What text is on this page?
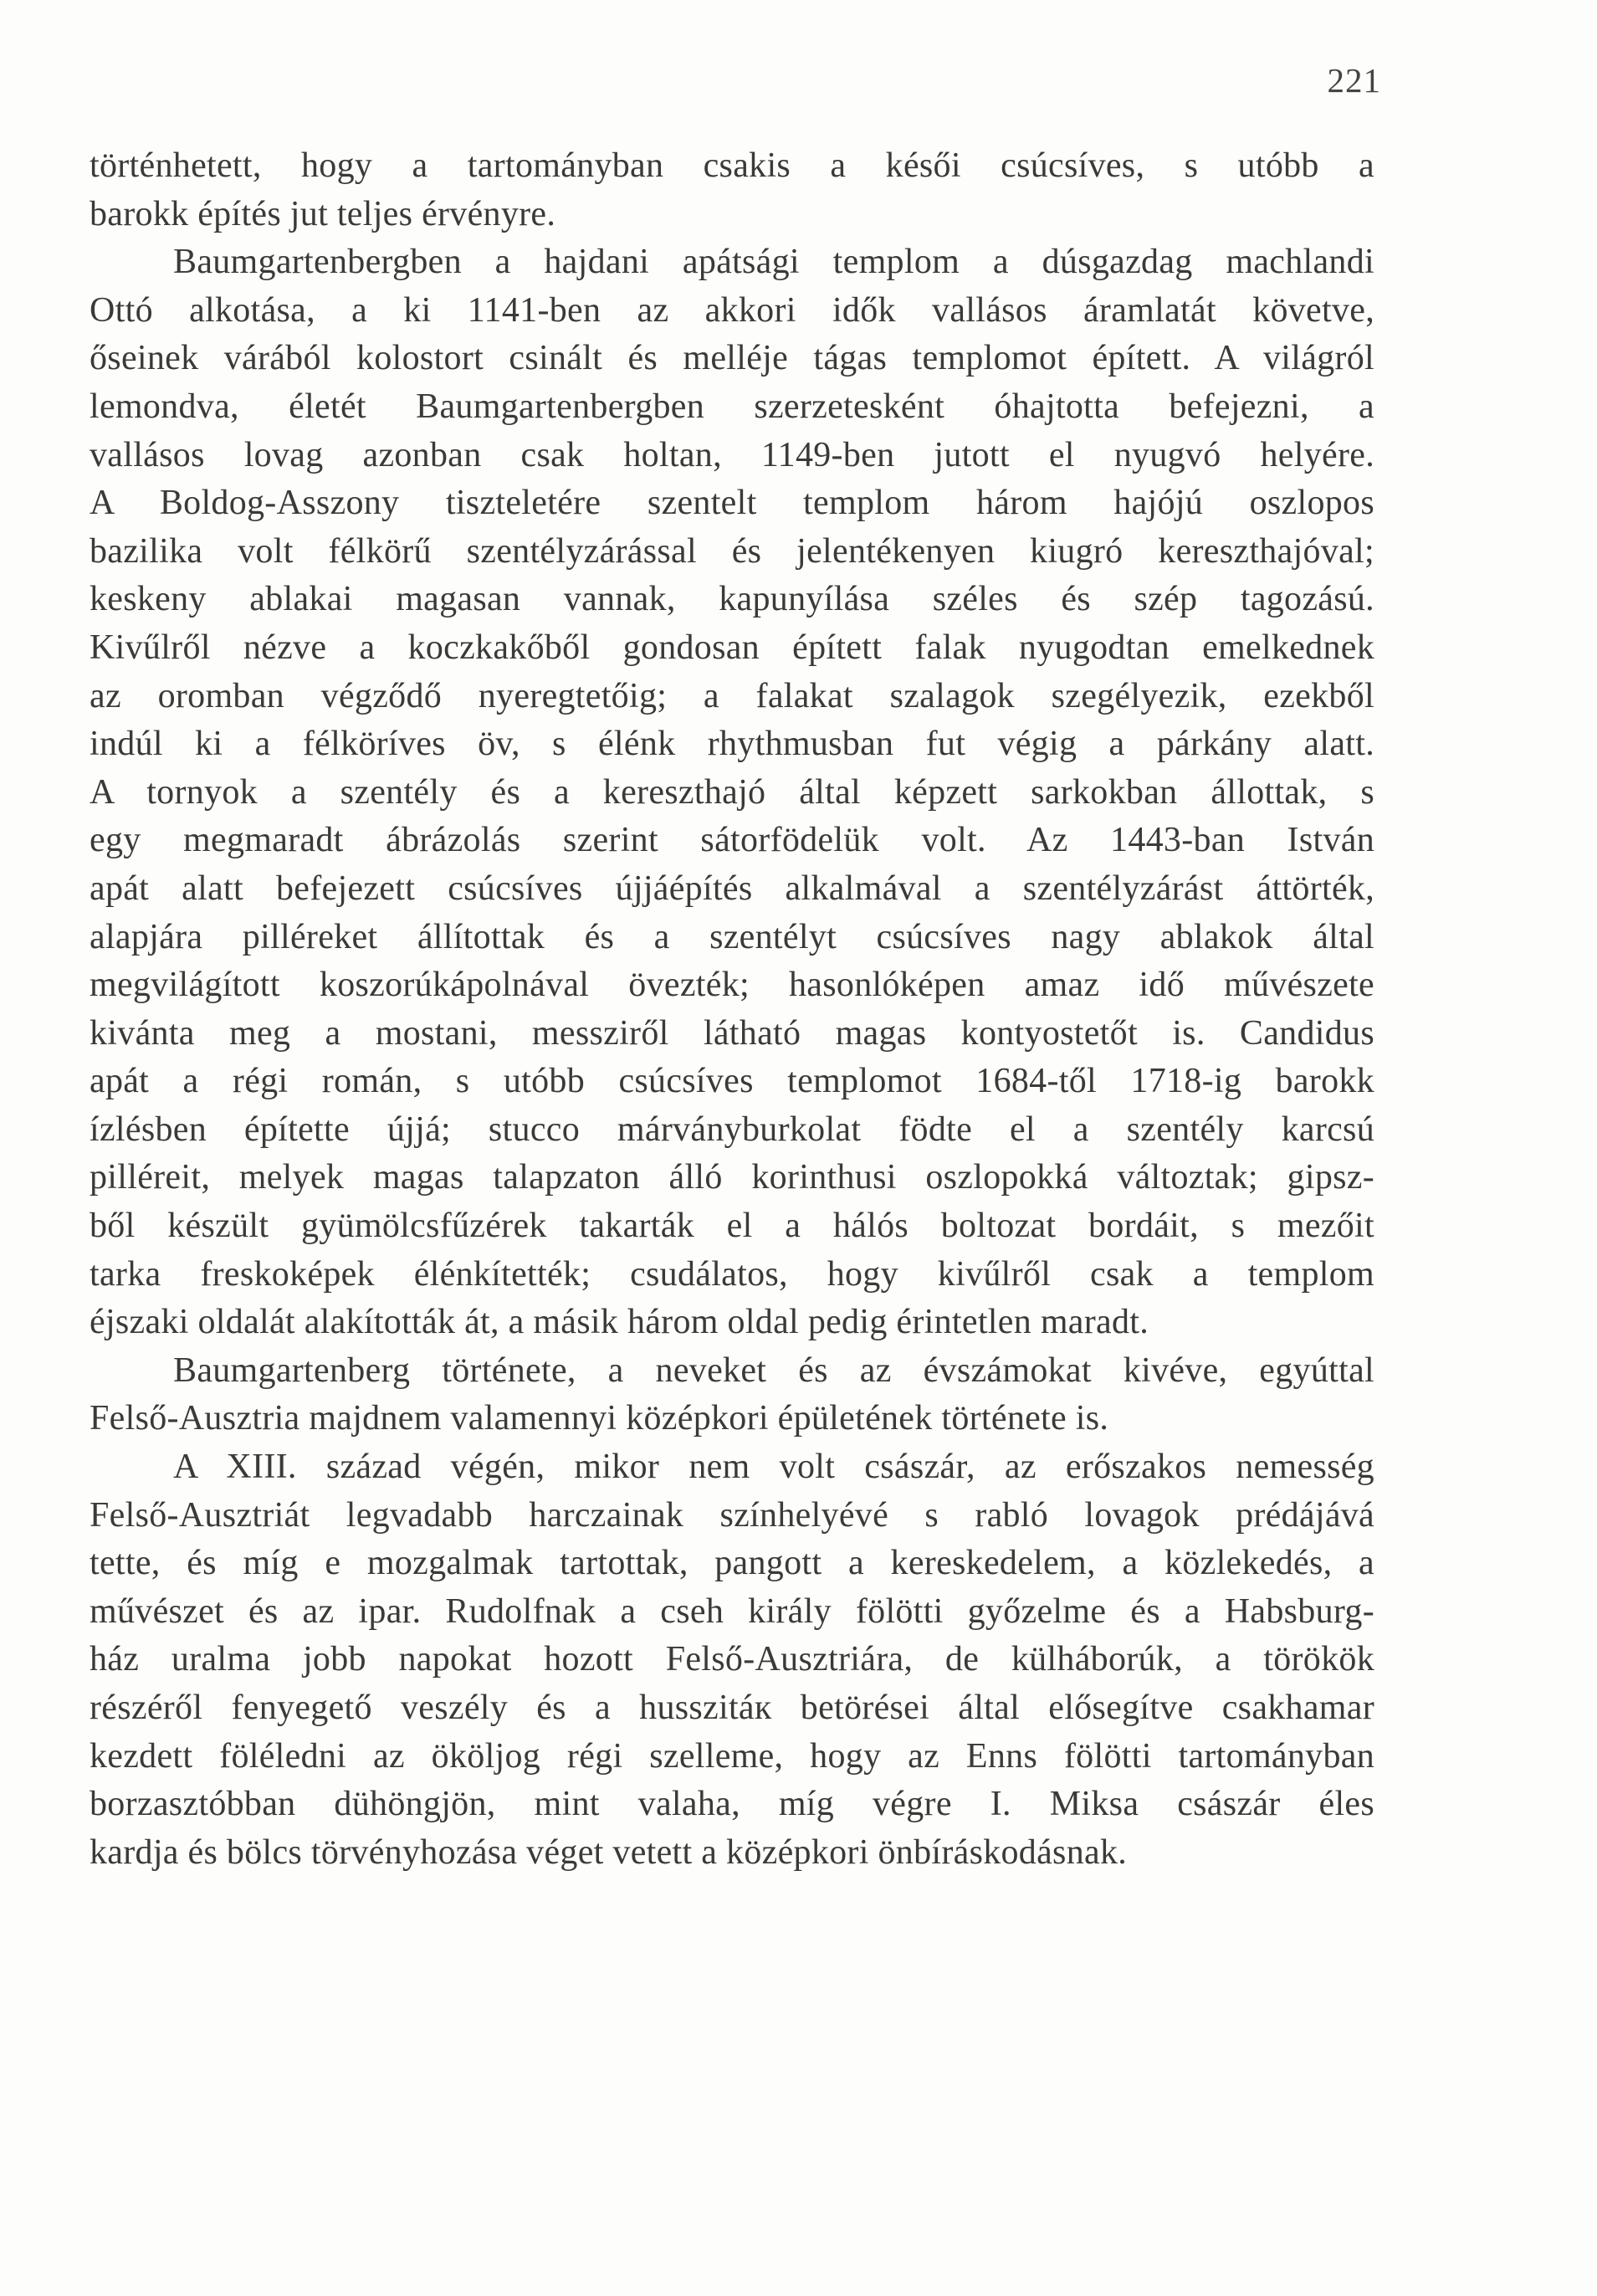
221
történhetett, hogy a tartományban csakis a késői csúcsíves, s utóbb a
barokk építés jut teljes érvényre.
Baumgartenbergben a hajdani apátsági templom a dúsgazdag machlandi
Ottó alkotása, a ki 1141-ben az akkori idők vallásos áramlatát követve,
őseinek várából kolostort csinált és melléje tágas templomot épített. A világról
lemondva, életét Baumgartenbergben szerzetesként óhajtotta befejezni, a
vallásos lovag azonban csak holtan, 1149-ben jutott el nyugvó helyére.
A Boldog-Asszony tiszteletére szentelt templom három hajójú oszlopos
bazilika volt félkörű szentélyzárással és jelentékenyen kiugró kereszthajóval;
keskeny ablakai magasan vannak, kapunyílása széles és szép tagozású.
Kivűlről nézve a koczkakőből gondosan épített falak nyugodtan emelkednek
az oromban végződő nyeregtetőig; a falakat szalagok szegélyezik, ezekből
indúl ki a félköríves öv, s élénk rhythmusban fut végig a párkány alatt.
A tornyok a szentély és a kereszthajó által képzett sarkokban állottak, s
egy megmaradt ábrázolás szerint sátorfödelük volt. Az 1443-ban István
apát alatt befejezett csúcsíves újjáépítés alkalmával a szentélyzárást áttörték,
alapjára pilléreket állítottak és a szentélyt csúcsíves nagy ablakok által
megvilágított koszorúkápolnával övezték; hasonlóképen amaz idő művészete
kivánta meg a mostani, messziről látható magas kontyostetőt is. Candidus
apát a régi román, s utóbb csúcsíves templomot 1684-től 1718-ig barokk
ízlésben építette újjá; stucco márványburkolat födte el a szentély karcsú
pilléreit, melyek magas talapzaton álló korinthusi oszlopokká változtak; gipsz-
ből készült gyümölcsfűzérek takarták el a hálós boltozat bordáit, s mezőit
tarka freskoképek élénkítették; csudálatos, hogy kivűlről csak a templom
éjszaki oldalát alakították át, a másik három oldal pedig érintetlen maradt.
Baumgartenberg története, a neveket és az évszámokat kivéve, egyúttal
Felső-Ausztria majdnem valamennyi középkori épületének története is.
A XIII. század végén, mikor nem volt császár, az erőszakos nemesség
Felső-Ausztriát legvadabb harczainak színhelyévé s rabló lovagok prédájává
tette, és míg e mozgalmak tartottak, pangott a kereskedelem, a közlekedés, a
művészet és az ipar. Rudolfnak a cseh király fölötti győzelme és a Habsburg-
ház uralma jobb napokat hozott Felső-Ausztriára, de külháborúk, a törökök
részéről fenyegető veszély és a husszitáк betörései által elősegítve csakhamar
kezdett föléledni az ököljog régi szelleme, hogy az Enns fölötti tartományban
borzasztóbban dühöngjön, mint valaha, míg végre I. Miksa császár éles
kardja és bölcs törvényhozása véget vetett a középkori önbíráskodásnak.
